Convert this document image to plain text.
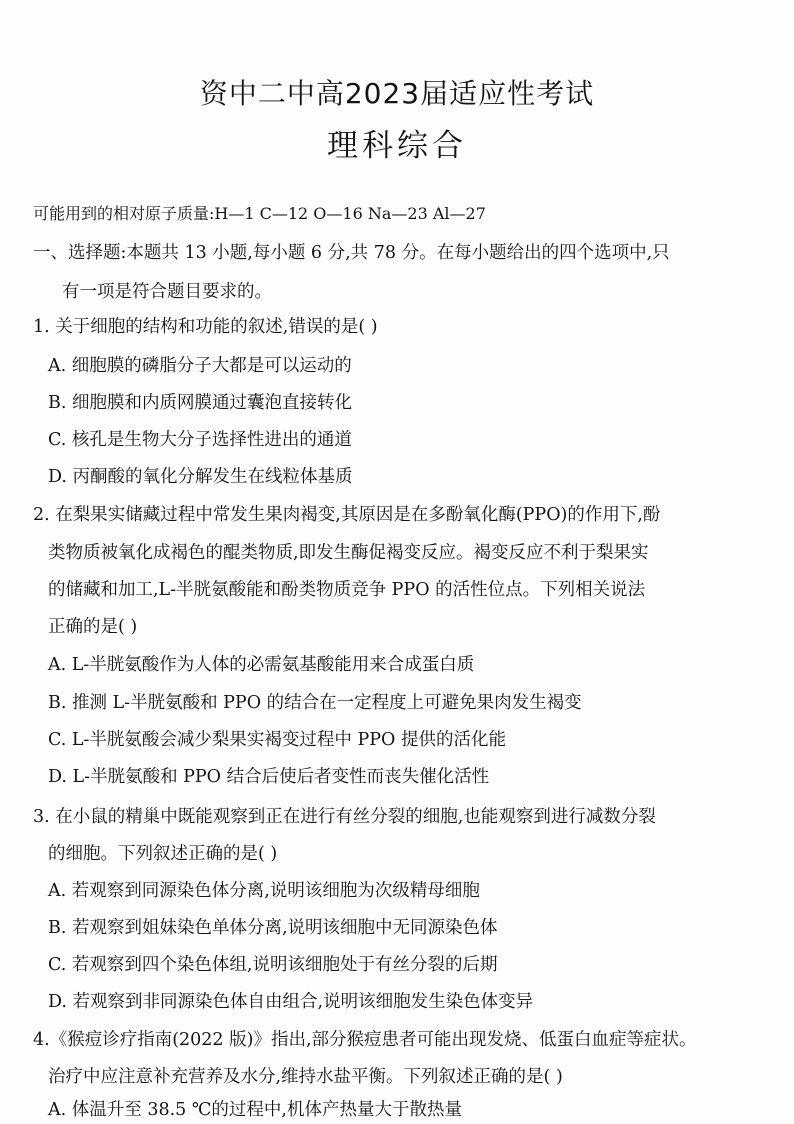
资中二中高2023届适应性考试
理科综合
可能用到的相对原子质量:H—1 C—12 O—16 Na—23 Al—27
一、选择题:本题共 13 小题,每小题 6 分,共 78 分。在每小题给出的四个选项中,只
有一项是符合题目要求的。
1. 关于细胞的结构和功能的叙述,错误的是( )
A. 细胞膜的磷脂分子大都是可以运动的
B. 细胞膜和内质网膜通过囊泡直接转化
C. 核孔是生物大分子选择性进出的通道
D. 丙酮酸的氧化分解发生在线粒体基质
2. 在梨果实储藏过程中常发生果肉褐变,其原因是在多酚氧化酶(PPO)的作用下,酚
类物质被氧化成褐色的醌类物质,即发生酶促褐变反应。褐变反应不利于梨果实
的储藏和加工,L-半胱氨酸能和酚类物质竞争 PPO 的活性位点。下列相关说法
正确的是( )
A. L-半胱氨酸作为人体的必需氨基酸能用来合成蛋白质
B. 推测 L-半胱氨酸和 PPO 的结合在一定程度上可避免果肉发生褐变
C. L-半胱氨酸会减少梨果实褐变过程中 PPO 提供的活化能
D. L-半胱氨酸和 PPO 结合后使后者变性而丧失催化活性
3. 在小鼠的精巢中既能观察到正在进行有丝分裂的细胞,也能观察到进行减数分裂
的细胞。下列叙述正确的是( )
A. 若观察到同源染色体分离,说明该细胞为次级精母细胞
B. 若观察到姐妹染色单体分离,说明该细胞中无同源染色体
C. 若观察到四个染色体组,说明该细胞处于有丝分裂的后期
D. 若观察到非同源染色体自由组合,说明该细胞发生染色体变异
4.《猴痘诊疗指南(2022 版)》指出,部分猴痘患者可能出现发烧、低蛋白血症等症状。
治疗中应注意补充营养及水分,维持水盐平衡。下列叙述正确的是( )
A. 体温升至 38.5 ℃的过程中,机体产热量大于散热量
